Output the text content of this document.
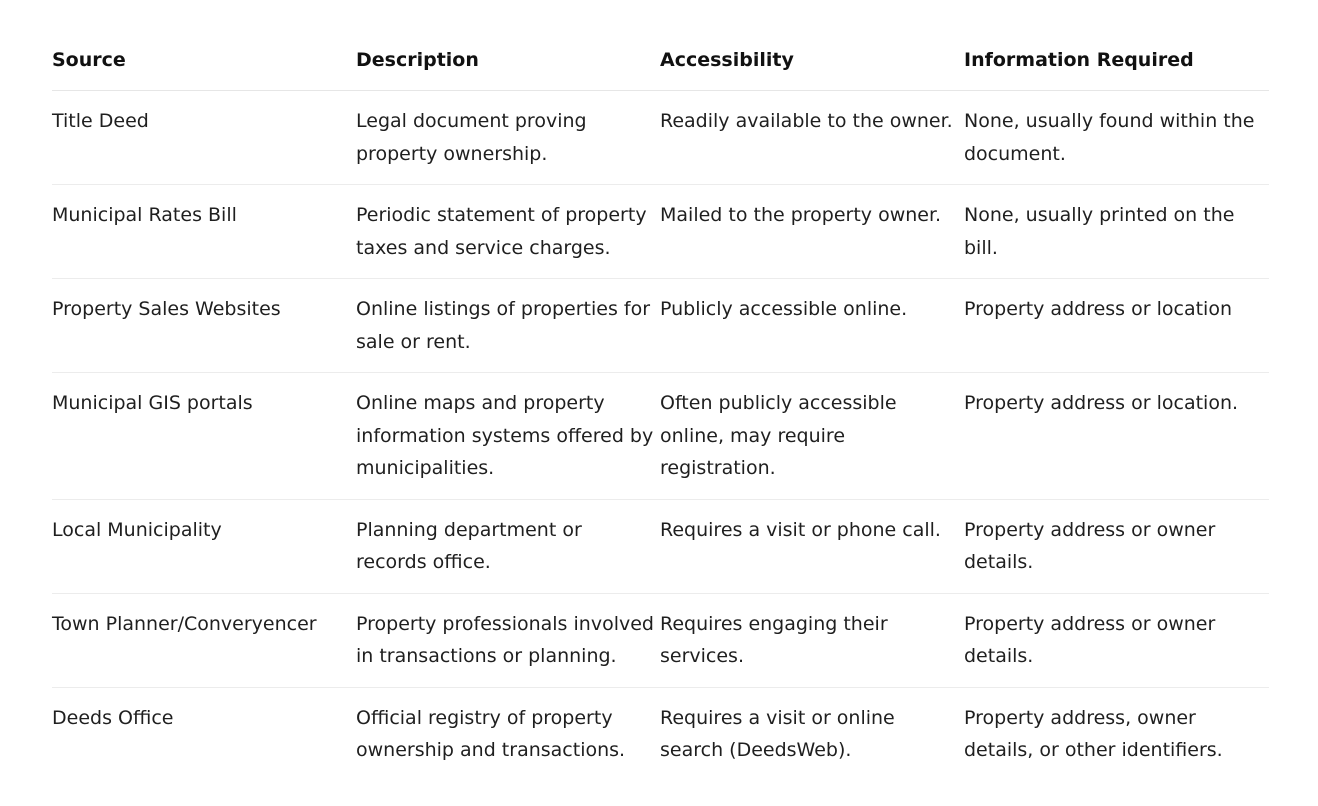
Source	Description	Accessibility	Information Required
Title Deed	Legal document proving property ownership.	Readily available to the owner.	None, usually found within the document.
Municipal Rates Bill	Periodic statement of property taxes and service charges.	Mailed to the property owner.	None, usually printed on the bill.
Property Sales Websites	Online listings of properties for sale or rent.	Publicly accessible online.	Property address or location
Municipal GIS portals	Online maps and property information systems offered by municipalities.	Often publicly accessible online, may require registration.	Property address or location.
Local Municipality	Planning department or records office.	Requires a visit or phone call.	Property address or owner details.
Town Planner/Converyencer	Property professionals involved in transactions or planning.	Requires engaging their services.	Property address or owner details.
Deeds Office	Official registry of property ownership and transactions.	Requires a visit or online search (DeedsWeb).	Property address, owner details, or other identifiers.
